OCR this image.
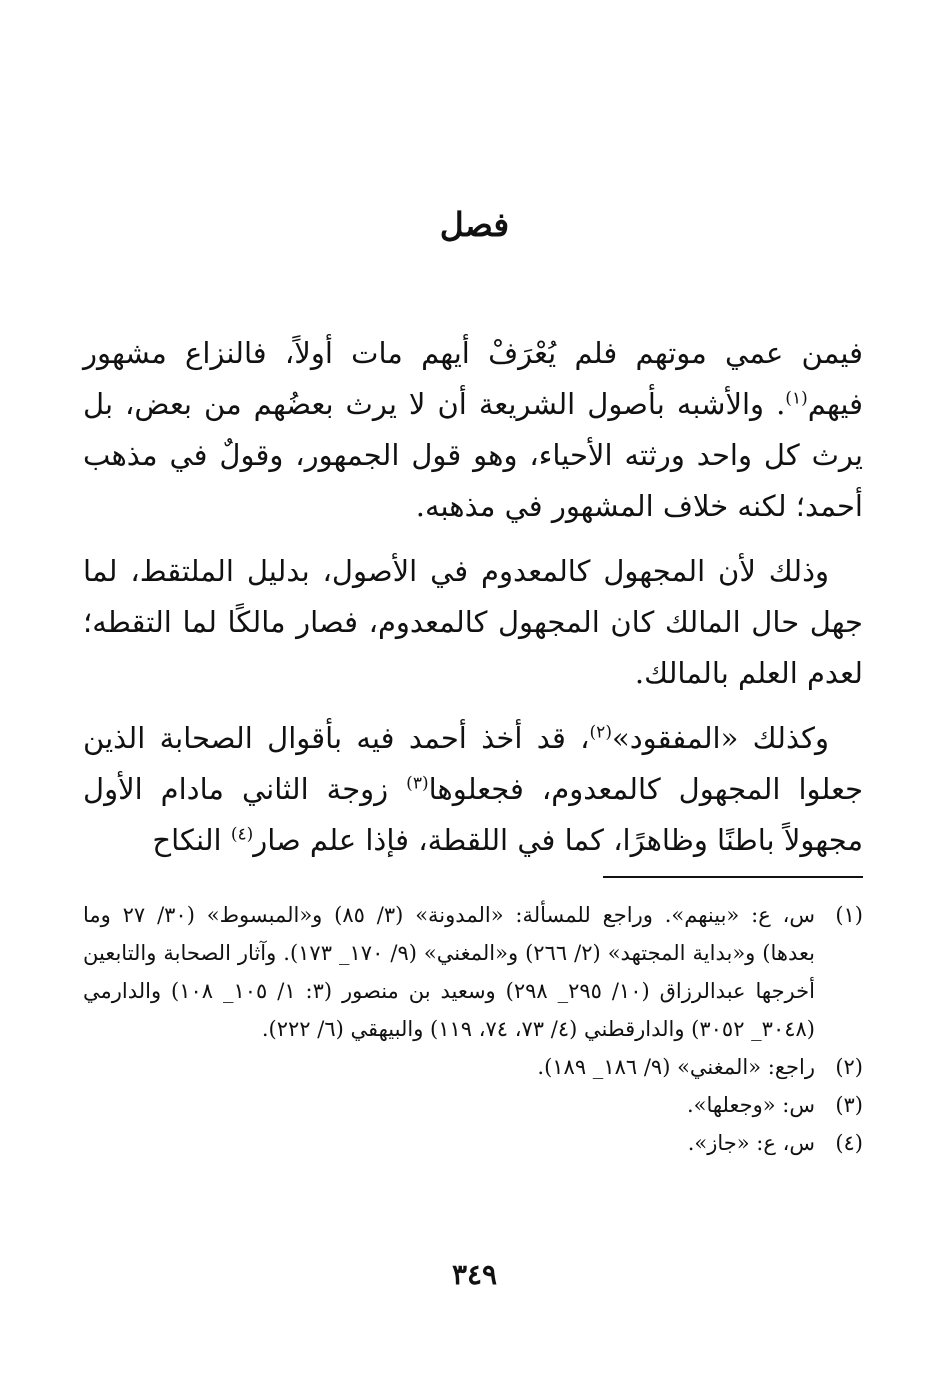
فصل

فيمن عمي موتهم فلم يُعْرَفْ أيهم مات أولاً، فالنزاع مشهور فيهم$^{(١)}$. والأشبه بأصول الشريعة أن لا يرث بعضُهم من بعض، بل يرث كل واحد ورثته الأحياء، وهو قول الجمهور، وقولٌ في مذهب أحمد؛ لكنه خلاف المشهور في مذهبه.

وذلك لأن المجهول كالمعدوم في الأصول، بدليل الملتقط، لما جهل حال المالك كان المجهول كالمعدوم، فصار مالكًا لما التقطه؛ لعدم العلم بالمالك.

وكذلك «المفقود»$^{(٢)}$، قد أخذ أحمد فيه بأقوال الصحابة الذين جعلوا المجهول كالمعدوم، فجعلوها$^{(٣)}$ زوجة الثاني مادام الأول مجهولاً باطنًا وظاهرًا، كما في اللقطة، فإذا علم صار$^{(٤)}$ النكاح

(١)
س، ع: «بينهم». وراجع للمسألة: «المدونة» (٣/ ٨٥) و«المبسوط» (٣٠/ ٢٧ وما بعدها) و«بداية المجتهد» (٢/ ٢٦٦) و«المغني» (٩/ ١٧٠_ ١٧٣). وآثار الصحابة والتابعين أخرجها عبدالرزاق (١٠/ ٢٩٥_ ٢٩٨) وسعيد بن منصور (٣: ١/ ١٠٥_ ١٠٨) والدارمي (٣٠٤٨_ ٣٠٥٢) والدارقطني (٤/ ٧٣، ٧٤، ١١٩) والبيهقي (٦/ ٢٢٢).
(٢)
راجع: «المغني» (٩/ ١٨٦_ ١٨٩).
(٣)
س: «وجعلها».
(٤)
س، ع: «جاز».
٣٤٩
